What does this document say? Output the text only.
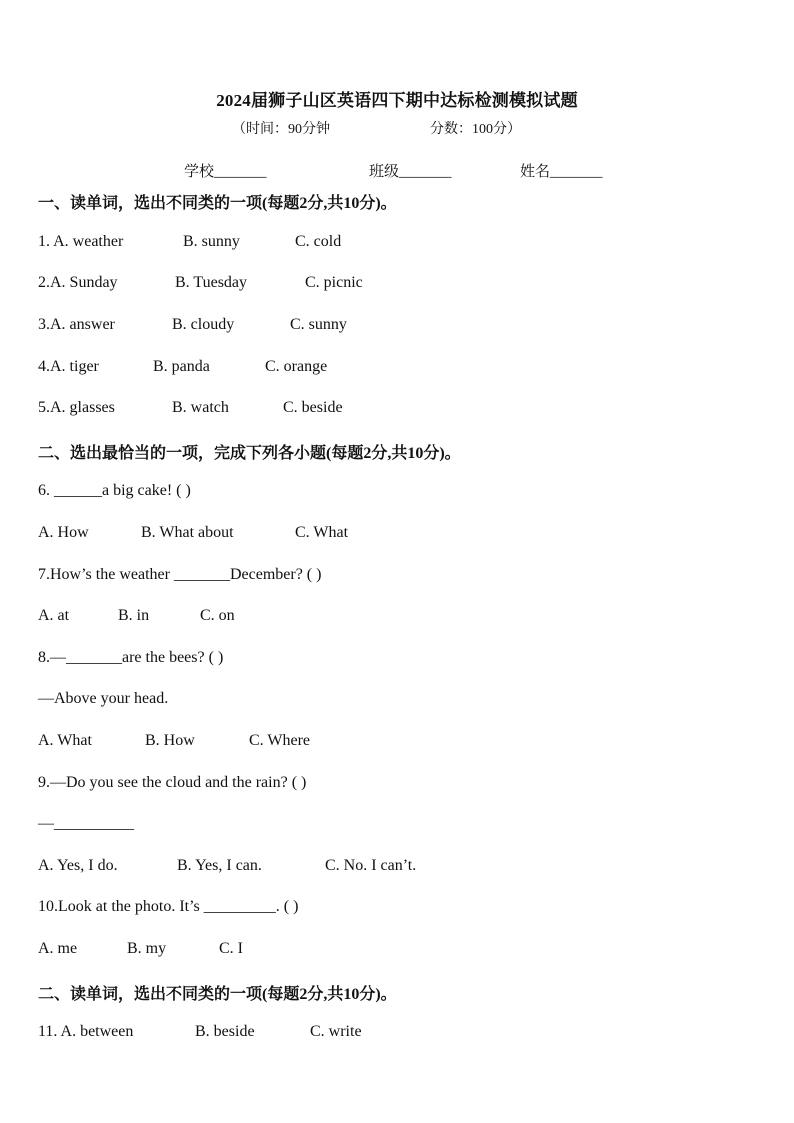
2024届狮子山区英语四下期中达标检测模拟试题
（时间：90分钟	分数：100分）
学校_______	班级_______	姓名_______
一、读单词，选出不同类的一项(每题2分,共10分)。
1. A. weather	B. sunny	C. cold
2.A. Sunday	B. Tuesday	C. picnic
3.A. answer	B. cloudy	C. sunny
4.A. tiger	B. panda	C. orange
5.A. glasses	B. watch	C. beside
二、选出最恰当的一项，完成下列各小题(每题2分,共10分)。
6. ______a big cake! ( )
A. How	B. What about	C. What
7.How’s the weather _______December? ( )
A. at	B. in	C. on
8.—_______are the bees? ( )
—Above your head.
A. What	B. How	C. Where
9.—Do you see the cloud and the rain? ( )
—__________
A. Yes, I do.	B. Yes, I can.	C. No. I can’t.
10.Look at the photo. It’s _________. ( )
A. me	B. my	C. I
二、读单词，选出不同类的一项(每题2分,共10分)。
11. A. between	B. beside	C. write
